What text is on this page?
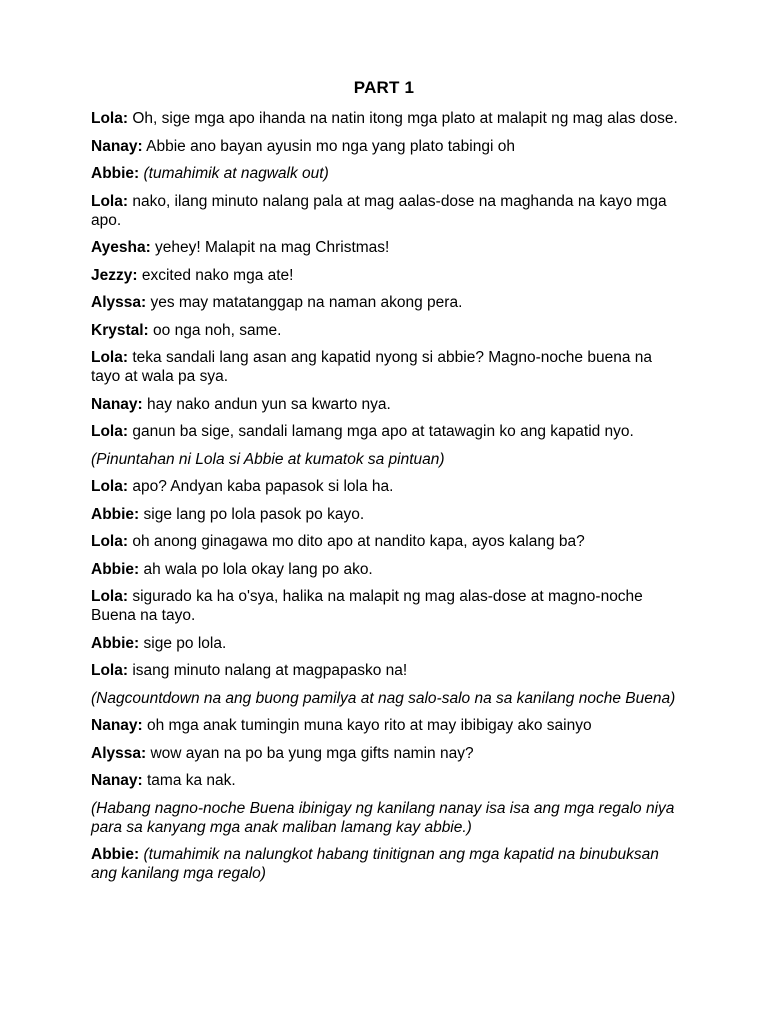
PART 1
Lola: Oh, sige mga apo ihanda na natin itong mga plato at malapit ng mag alas dose.
Nanay: Abbie ano bayan ayusin mo nga yang plato tabingi oh
Abbie: (tumahimik at nagwalk out)
Lola: nako, ilang minuto nalang pala at mag aalas-dose na maghanda na kayo mga apo.
Ayesha: yehey! Malapit na mag Christmas!
Jezzy: excited nako mga ate!
Alyssa: yes may matatanggap na naman akong pera.
Krystal: oo nga noh, same.
Lola: teka sandali lang asan ang kapatid nyong si abbie? Magno-noche buena na tayo at wala pa sya.
Nanay: hay nako andun yun sa kwarto nya.
Lola: ganun ba sige, sandali lamang mga apo at tatawagin ko ang kapatid nyo.
(Pinuntahan ni Lola si Abbie at kumatok sa pintuan)
Lola: apo? Andyan kaba papasok si lola ha.
Abbie: sige lang po lola pasok po kayo.
Lola: oh anong ginagawa mo dito apo at nandito kapa, ayos kalang ba?
Abbie: ah wala po lola okay lang po ako.
Lola: sigurado ka ha o'sya, halika na malapit ng mag alas-dose at magno-noche Buena na tayo.
Abbie: sige po lola.
Lola: isang minuto nalang at magpapasko na!
(Nagcountdown na ang buong pamilya at nag salo-salo na sa kanilang noche Buena)
Nanay: oh mga anak tumingin muna kayo rito at may ibibigay ako sainyo
Alyssa: wow ayan na po ba yung mga gifts namin nay?
Nanay: tama ka nak.
(Habang nagno-noche Buena ibinigay ng kanilang nanay isa isa ang mga regalo niya para sa kanyang mga anak maliban lamang kay abbie.)
Abbie: (tumahimik na nalungkot habang tinitignan ang mga kapatid na binubuksan ang kanilang mga regalo)
